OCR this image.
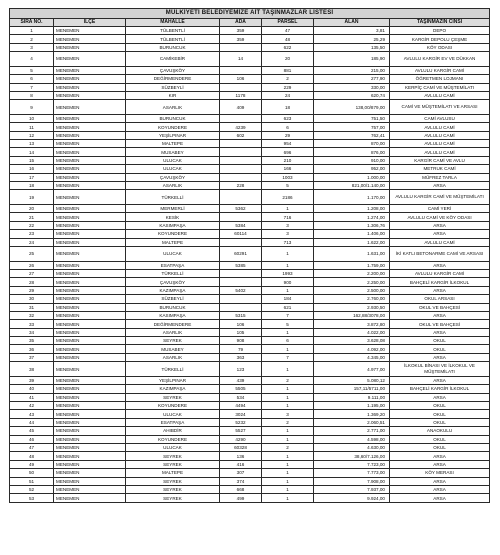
MÜLKİYETİ BELEDİYEMİZE AİT TAŞINMAZLAR LİSTESİ						
SIRA NO.	İLÇE	MAHALLE	ADA	PARSEL	ALAN	TAŞINMAZIN CİNSİ
1	MENEMEN	TÜLBENTLİ	359	47	3,81	DEPO
2	MENEMEN	TÜLBENTLİ	359	48	25,29	KARGİR DEPOLU ÇEŞME
3	MENEMEN	BURUNCUK		622	135,50	KÖY ODASI
4	MENEMEN	CAMİKEBİR	14	20	185,90	AVLULU KARGİR EV VE DÜKKAN
5	MENEMEN	ÇAVUŞKÖY		881	215,00	AVLULU KARGİR CAMİ
6	MENEMEN	DEĞİRMENDERE	106	2	277,90	ÖĞRETMEN LOJMANI
7	MENEMEN	SÜZBEYLİ		229	330,00	KERPİÇ CAMİ VE MÜŞTEMİLATI
8	MENEMEN	KIR	1178	24	620,74	AVLULU CAMİ
9	MENEMEN	ASARLIK	409	18	138,00/879,00	CAMİ VE MÜŞTEMİLATI VE ARSASI
10	MENEMEN	BURUNCUK		623	751,50	CAMİ AVLUSU
11	MENEMEN	KOYUNDERE	4239	6	757,00	AVLULU CAMİ
12	MENEMEN	YEŞİLPINAR	602	29	762,41	AVLULU CAMİ
13	MENEMEN	MALTEPE		954	870,00	AVLULU CAMİ
14	MENEMEN	MUSABEY		696	876,00	AVLULU CAMİ
15	MENEMEN	ULUCAK		210	910,00	KARGİR CAMİ VE AVLU
16	MENEMEN	ULUCAK		166	952,00	METRUK CAMİ
17	MENEMEN	ÇAVUŞKÖY		1003	1.000,00	MÜFREZ TARLA
18	MENEMEN	ASARLIK	228	5	821,00/1.140,00	ARSA
19	MENEMEN	TÜRKELLİ		2186	1.170,00	AVLULU KARGİR CAMİ VE MÜŞTEMİLATI
20	MENEMEN	MERMERLİ	5362	1	1.208,00	CAMİ YERİ
21	MENEMEN	KESİK		716	1.274,00	AVLULU CAMİ VE KÖY ODASI
22	MENEMEN	KASIMPAŞA	5384	3	1.306,76	ARSA
23	MENEMEN	KOYUNDERE	60114	3	1.406,00	ARSA
24	MENEMEN	MALTEPE		713	1.622,00	AVLULU CAMİ
25	MENEMEN	ULUCAK	60291	1	1.631,00	İKİ KATLI BETONARME CAMİ VE ARSASI
26	MENEMEN	ESATPAŞA	5385	1	1.759,00	ARSA
27	MENEMEN	TÜRKELLİ		1993	2.200,00	AVLULU KARGİR CAMİ
28	MENEMEN	ÇAVUŞKÖY		900	2.250,00	BAHÇELİ KARGİR İLKOKUL
29	MENEMEN	KAZIMPAŞA	5402	1	2.500,00	ARSA
30	MENEMEN	SÜZBEYLİ		184	2.760,00	OKUL ARSASI
31	MENEMEN	BURUNCUK		621	2.930,50	OKUL VE BAHÇESİ
32	MENEMEN	KASIMPAŞA	5315	7	162,88/3078,00	ARSA
33	MENEMEN	DEĞİRMENDERE	106	5	3.872,80	OKUL VE BAHÇESİ
34	MENEMEN	ASARLIK	105	1	4.022,00	ARSA
35	MENEMEN	SEYREK	908	6	3.628,08	OKUL
36	MENEMEN	MUSABEY	79	1	4.092,00	OKUL
37	MENEMEN	ASARLIK	363	7	4.345,00	ARSA
38	MENEMEN	TÜRKELLİ	123	1	4.977,00	İLKOKUL BİNASI VE İLKOKUL VE MÜŞTEMİLATI
39	MENEMEN	YEŞİLPINAR	439	2	5.080,12	ARSA
40	MENEMEN	KAZIMPAŞA	5505	1	157,11/5711,00	BAHÇELİ KARGİR İLKOKUL
41	MENEMEN	SEYREK	534	1	9.111,00	ARSA
42	MENEMEN	KOYUNDERE	4494	1	1.195,00	OKUL
43	MENEMEN	ULUCAK	3024	3	1.369,20	OKUL
44	MENEMEN	ESATPAŞA	5232	2	2.060,51	OKUL
45	MENEMEN	AHIBDİR	5527	1	2.771,00	ANAOKULU
46	MENEMEN	KOYUNDERE	4290	1	4.598,00	OKUL
47	MENEMEN	ULUCAK	60328	2	4.630,00	OKUL
48	MENEMEN	SEYREK	136	1	38,60/7.126,00	ARSA
49	MENEMEN	SEYREK	416	1	7.723,00	ARSA
50	MENEMEN	MALTEPE	307	1	7.773,00	KÖY MERASI
51	MENEMEN	SEYREK	374	1	7.908,00	ARSA
52	MENEMEN	SEYREK	668	1	7.937,00	ARSA
53	MENEMEN	SEYREK	499	1	9.924,00	ARSA
